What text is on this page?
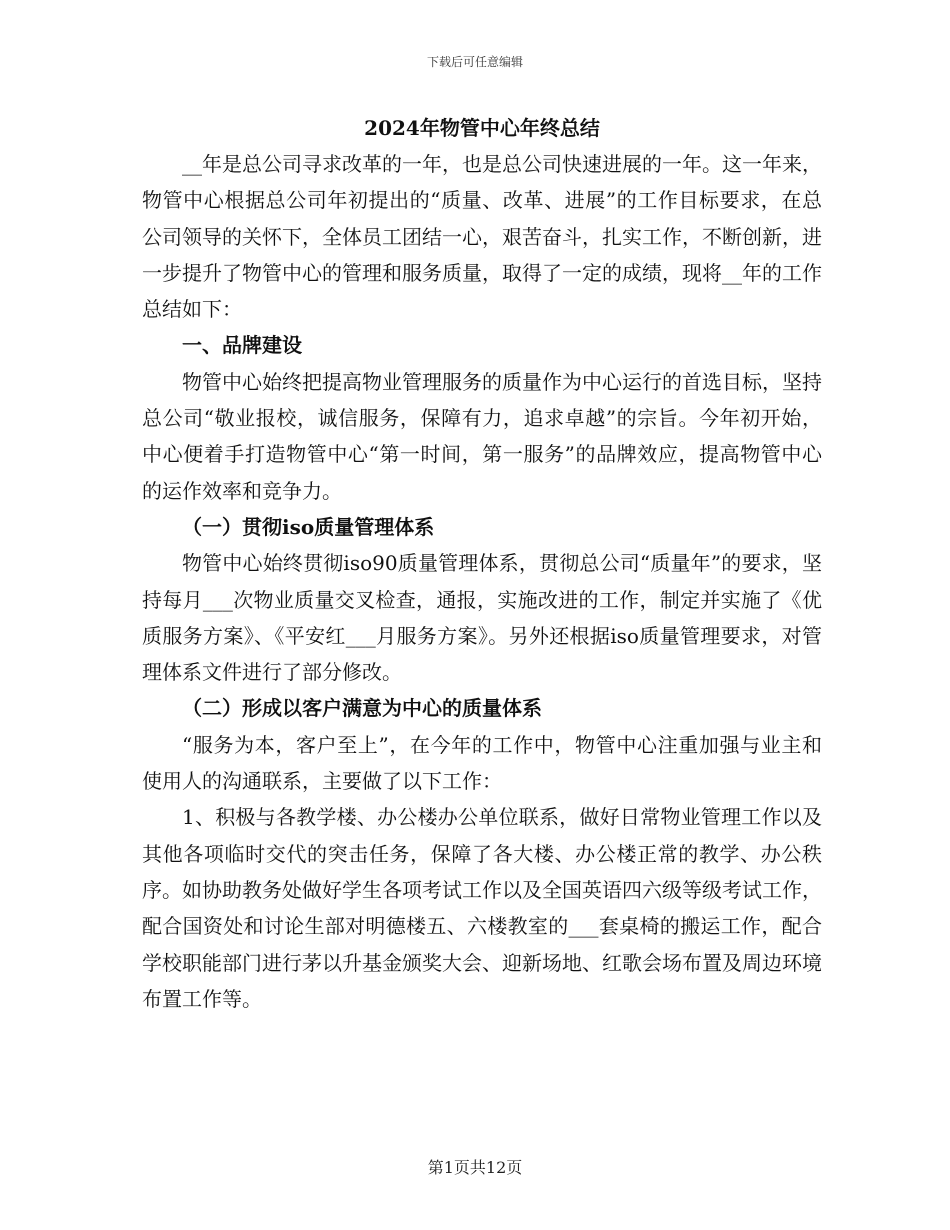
下载后可任意编辑
2024年物管中心年终总结

__年是总公司寻求改革的一年，也是总公司快速进展的一年。这一年来，物管中心根据总公司年初提出的“质量、改革、进展”的工作目标要求，在总公司领导的关怀下，全体员工团结一心，艰苦奋斗，扎实工作，不断创新，进一步提升了物管中心的管理和服务质量，取得了一定的成绩，现将__年的工作总结如下：

一、品牌建设

物管中心始终把提高物业管理服务的质量作为中心运行的首选目标，坚持总公司“敬业报校，诚信服务，保障有力，追求卓越”的宗旨。今年初开始，中心便着手打造物管中心“第一时间，第一服务”的品牌效应，提高物管中心的运作效率和竞争力。

（一）贯彻iso质量管理体系

物管中心始终贯彻iso90质量管理体系，贯彻总公司“质量年”的要求，坚持每月___次物业质量交叉检查，通报，实施改进的工作，制定并实施了《优质服务方案》、《平安红___月服务方案》。另外还根据iso质量管理要求，对管理体系文件进行了部分修改。

（二）形成以客户满意为中心的质量体系

“服务为本，客户至上”，在今年的工作中，物管中心注重加强与业主和使用人的沟通联系，主要做了以下工作：

1、积极与各教学楼、办公楼办公单位联系，做好日常物业管理工作以及其他各项临时交代的突击任务，保障了各大楼、办公楼正常的教学、办公秩序。如协助教务处做好学生各项考试工作以及全国英语四六级等级考试工作，配合国资处和讨论生部对明德楼五、六楼教室的___套桌椅的搬运工作，配合学校职能部门进行茅以升基金颁奖大会、迎新场地、红歌会场布置及周边环境布置工作等。

第1页共12页
